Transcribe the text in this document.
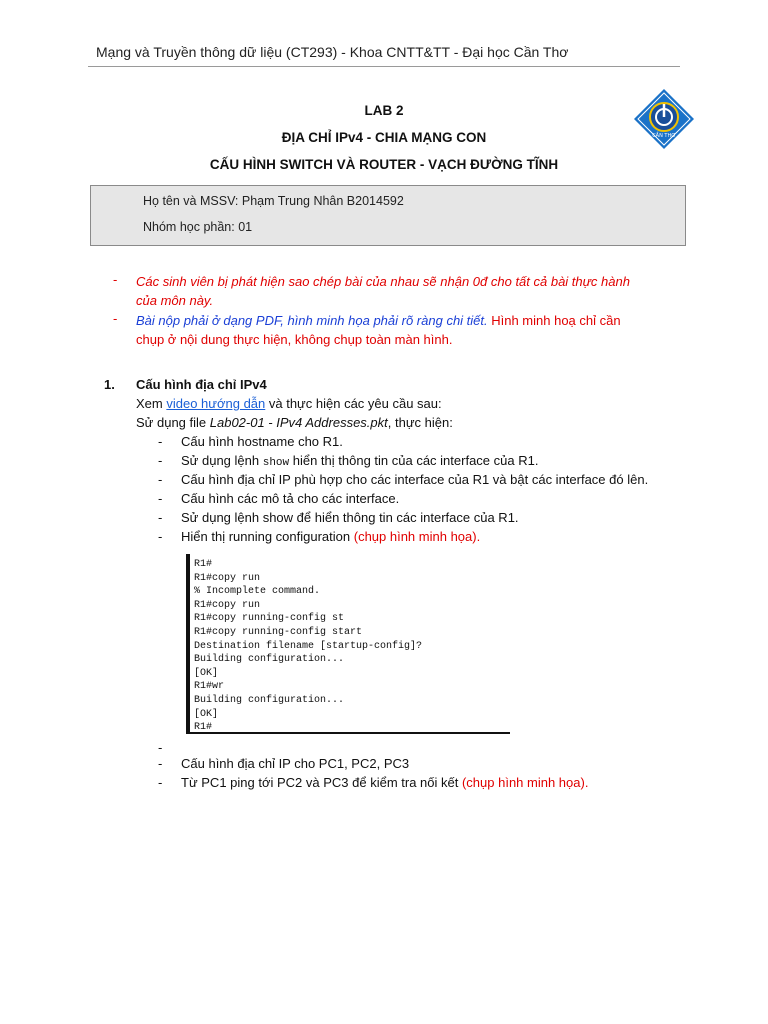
Mạng và Truyền thông dữ liệu (CT293) - Khoa CNTT&TT - Đại học Cần Thơ
LAB 2
ĐỊA CHỈ IPv4 - CHIA MẠNG CON
CẤU HÌNH SWITCH VÀ ROUTER - VẠCH ĐƯỜNG TĨNH
CẦN THƠ
Họ tên và MSSV: Phạm Trung Nhân B2014592
Nhóm học phần: 01
- Các sinh viên bị phát hiện sao chép bài của nhau sẽ nhận 0đ cho tất cả bài thực hành
của môn này.
- Bài nộp phải ở dạng PDF, hình minh họa phải rõ ràng chi tiết. Hình minh hoạ chỉ cần
chụp ở nội dung thực hiện, không chụp toàn màn hình.
1. Cấu hình địa chỉ IPv4
Xem video hướng dẫn và thực hiện các yêu cầu sau:
Sử dụng file Lab02-01 - IPv4 Addresses.pkt, thực hiện:
- Cấu hình hostname cho R1.
- Sử dụng lệnh show hiển thị thông tin của các interface của R1.
- Cấu hình địa chỉ IP phù hợp cho các interface của R1 và bật các interface đó lên.
- Cấu hình các mô tả cho các interface.
- Sử dụng lệnh show để hiển thông tin các interface của R1.
- Hiển thị running configuration (chụp hình minh họa).
R1#
R1#copy run
% Incomplete command.
R1#copy run
R1#copy running-config st
R1#copy running-config start
Destination filename [startup-config]?
Building configuration...
[OK]
R1#wr
Building configuration...
[OK]
R1#
-
- Cấu hình địa chỉ IP cho PC1, PC2, PC3
- Từ PC1 ping tới PC2 và PC3 để kiểm tra nối kết (chụp hình minh họa).
